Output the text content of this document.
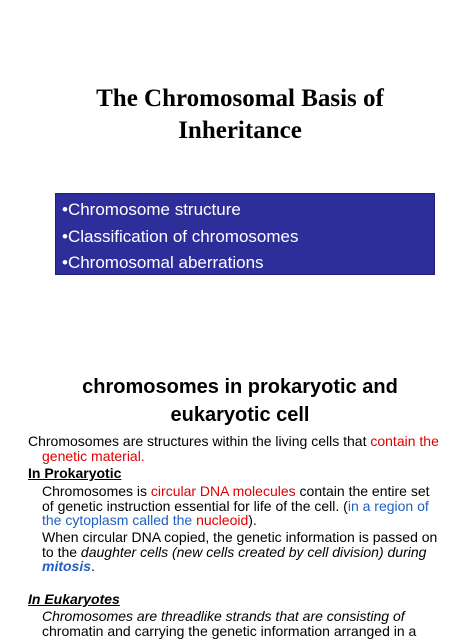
The Chromosomal Basis of
Inheritance
•Chromosome structure
•Classification of chromosomes
•Chromosomal aberrations
chromosomes in prokaryotic and
eukaryotic cell
Chromosomes are structures within the living cells that contain the
genetic material.
In Prokaryotic
Chromosomes is circular DNA molecules contain the entire set
of genetic instruction essential for life of the cell. (in a region of
the cytoplasm called the nucleoid).
When circular DNA copied, the genetic information is passed on
to the daughter cells (new cells created by cell division) during
mitosis.
In Eukaryotes
Chromosomes are threadlike strands that are consisting of
chromatin and carrying the genetic information arranged in a
